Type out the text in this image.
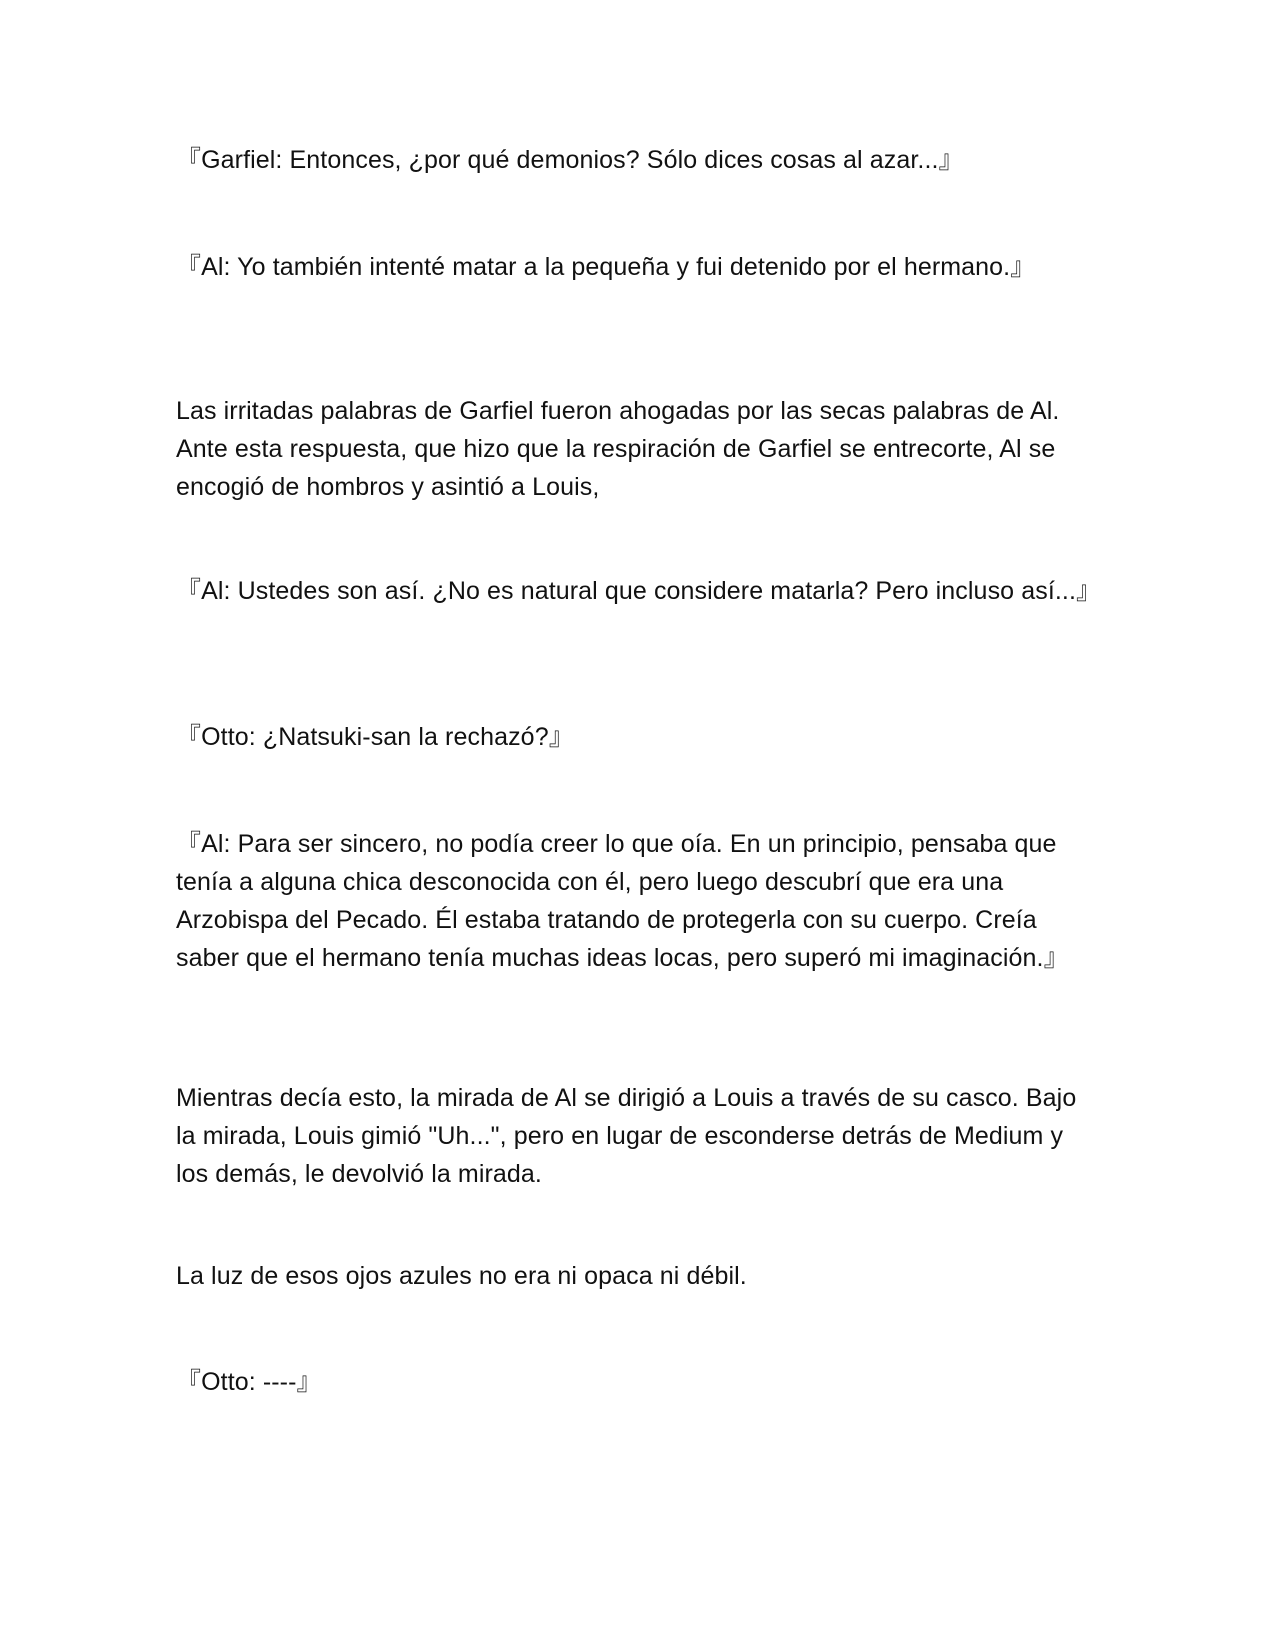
『Garfiel: Entonces, ¿por qué demonios? Sólo dices cosas al azar...』

『Al: Yo también intenté matar a la pequeña y fui detenido por el hermano.』

Las irritadas palabras de Garfiel fueron ahogadas por las secas palabras de Al. Ante esta respuesta, que hizo que la respiración de Garfiel se entrecorte, Al se encogió de hombros y asintió a Louis,

『Al: Ustedes son así. ¿No es natural que considere matarla? Pero incluso así...』

『Otto: ¿Natsuki-san la rechazó?』

『Al: Para ser sincero, no podía creer lo que oía. En un principio, pensaba que tenía a alguna chica desconocida con él, pero luego descubrí que era una Arzobispa del Pecado. Él estaba tratando de protegerla con su cuerpo. Creía saber que el hermano tenía muchas ideas locas, pero superó mi imaginación.』

Mientras decía esto, la mirada de Al se dirigió a Louis a través de su casco. Bajo la mirada, Louis gimió "Uh...", pero en lugar de esconderse detrás de Medium y los demás, le devolvió la mirada.

La luz de esos ojos azules no era ni opaca ni débil.

『Otto: ----』
